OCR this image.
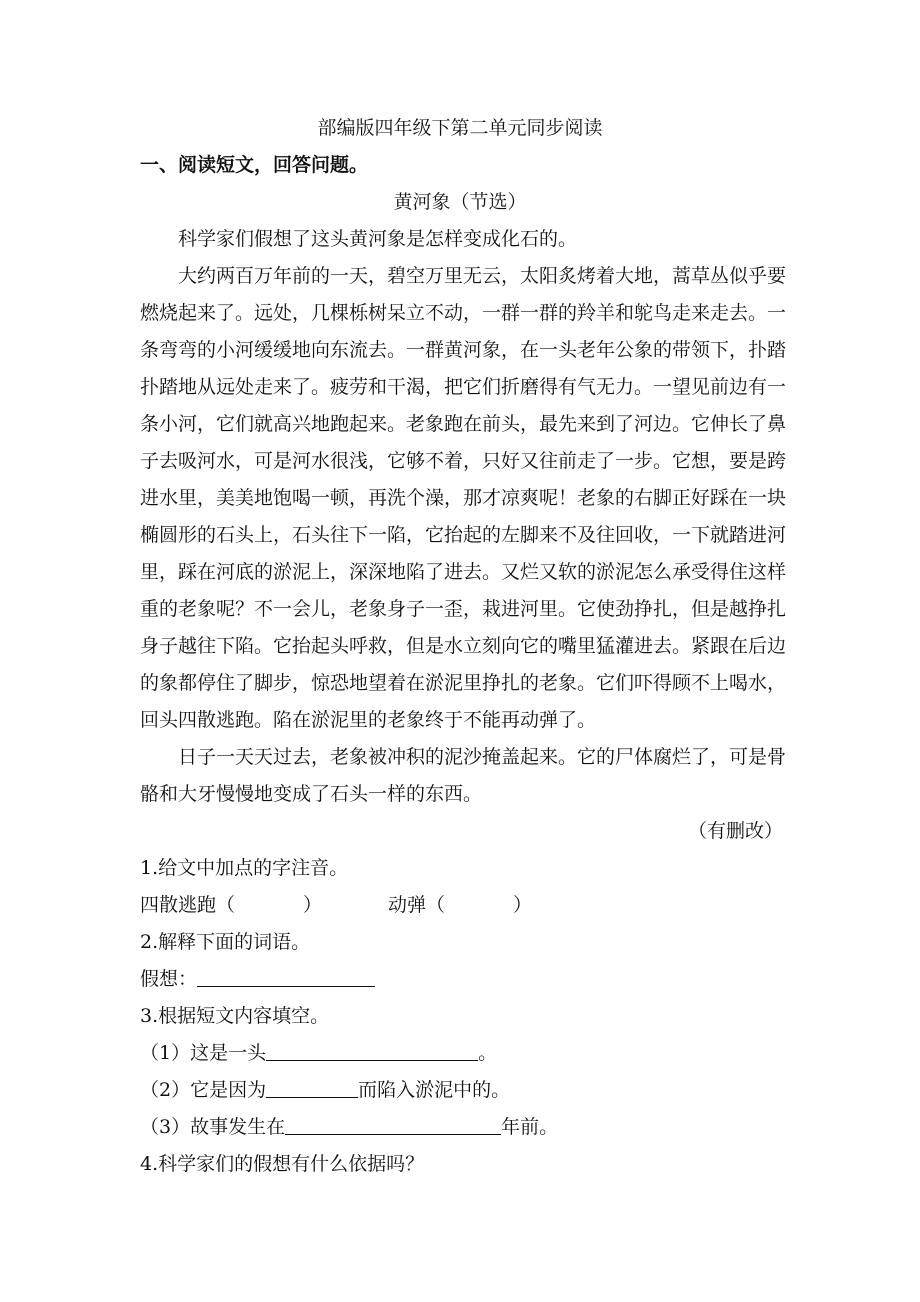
部编版四年级下第二单元同步阅读
一、阅读短文，回答问题。
黄河象（节选）
科学家们假想了这头黄河象是怎样变成化石的。
大约两百万年前的一天，碧空万里无云，太阳炙烤着大地，蒿草丛似乎要
燃烧起来了。远处，几棵栎树呆立不动，一群一群的羚羊和鸵鸟走来走去。一
条弯弯的小河缓缓地向东流去。一群黄河象，在一头老年公象的带领下，扑踏
扑踏地从远处走来了。疲劳和干渴，把它们折磨得有气无力。一望见前边有一
条小河，它们就高兴地跑起来。老象跑在前头，最先来到了河边。它伸长了鼻
子去吸河水，可是河水很浅，它够不着，只好又往前走了一步。它想，要是跨
进水里，美美地饱喝一顿，再洗个澡，那才凉爽呢！老象的右脚正好踩在一块
椭圆形的石头上，石头往下一陷，它抬起的左脚来不及往回收，一下就踏进河
里，踩在河底的淤泥上，深深地陷了进去。又烂又软的淤泥怎么承受得住这样
重的老象呢？不一会儿，老象身子一歪，栽进河里。它使劲挣扎，但是越挣扎
身子越往下陷。它抬起头呼救，但是水立刻向它的嘴里猛灌进去。紧跟在后边
的象都停住了脚步，惊恐地望着在淤泥里挣扎的老象。它们吓得顾不上喝水，
回头四散逃跑。陷在淤泥里的老象终于不能再动弹了。
日子一天天过去，老象被冲积的泥沙掩盖起来。它的尸体腐烂了，可是骨
骼和大牙慢慢地变成了石头一样的东西。
（有删改）
1.给文中加点的字注音。
四散逃跑（	）	动弹（	）
2.解释下面的词语。
假想：
3.根据短文内容填空。
（1）这是一头	。
（2）它是因为	而陷入淤泥中的。
（3）故事发生在	年前。
4.科学家们的假想有什么依据吗？
